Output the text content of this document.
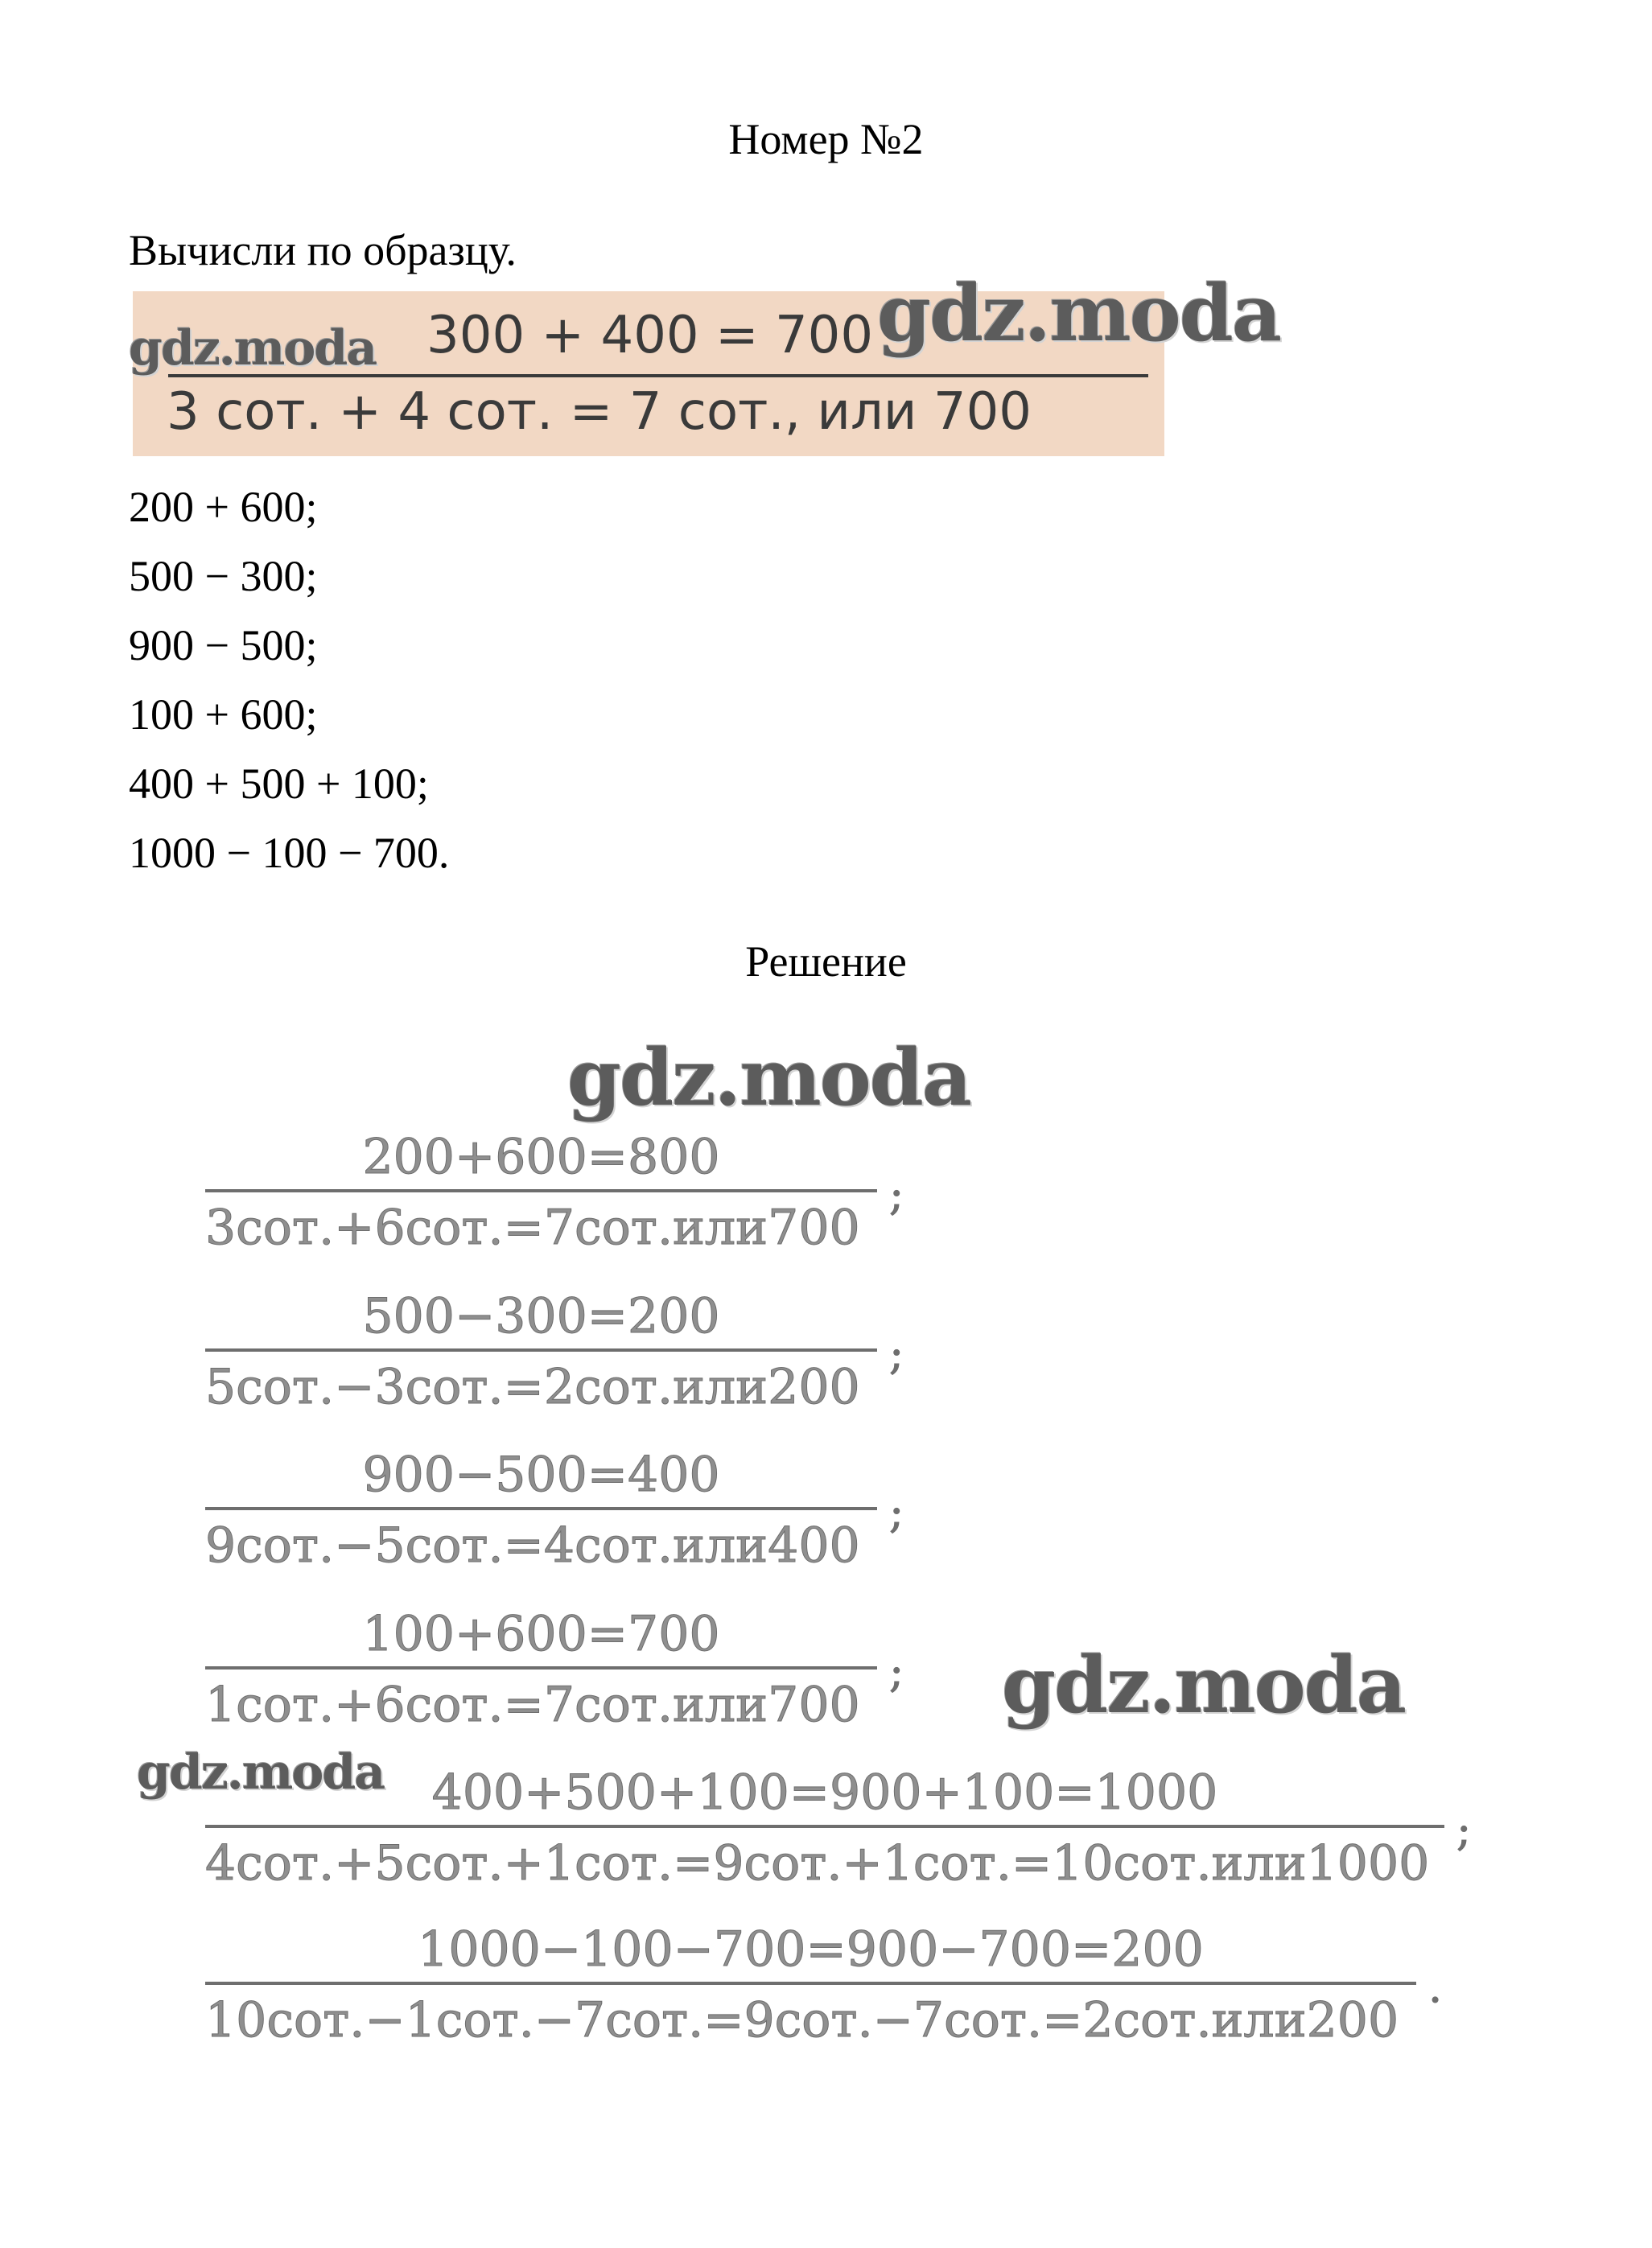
Номер №2
Вычисли по образцу.
300 + 400 = 700
3 сот. + 4 сот. = 7 сот., или 700
gdz.moda	gdz.moda
200 + 600;
500 − 300;
900 − 500;
100 + 600;
400 + 500 + 100;
1000 − 100 − 700.
Решение
gdz.moda
200+600=800
3сот.+6сот.=7сот.или700
;
500−300=200
5сот.−3сот.=2сот.или200
;
900−500=400
9сот.−5сот.=4сот.или400
;
100+600=700
1сот.+6сот.=7сот.или700
; gdz.moda
400+500+100=900+100=1000
4сот.+5сот.+1сот.=9сот.+1сот.=10сот.или1000
;
gdz.moda
1000−100−700=900−700=200
10сот.−1сот.−7сот.=9сот.−7сот.=2сот.или200
.
